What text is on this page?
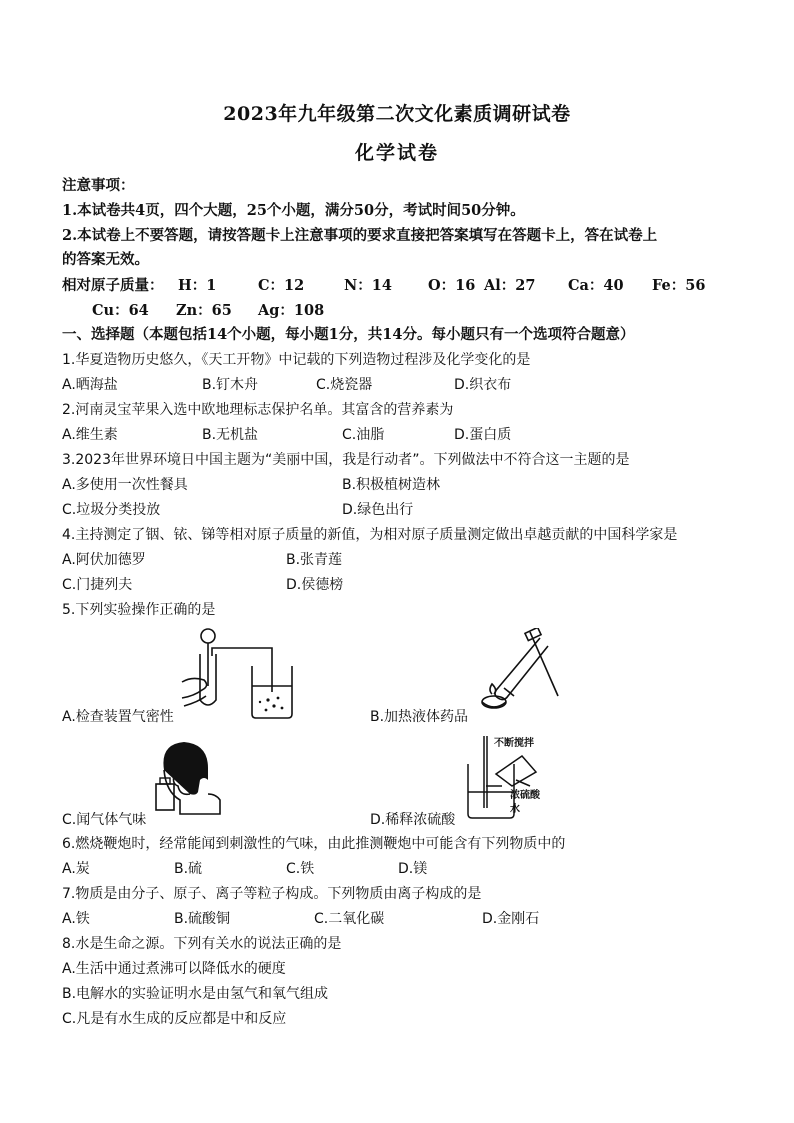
2023年九年级第二次文化素质调研试卷
化学试卷
注意事项：
1.本试卷共4页，四个大题，25个小题，满分50分，考试时间50分钟。
2.本试卷上不要答题，请按答题卡上注意事项的要求直接把答案填写在答题卡上，答在试卷上
的答案无效。
相对原子质量： H：1	C：12	N：14 O：16 Al：27 Ca：40 Fe：56
Cu：64 Zn：65 Ag：108
一、选择题（本题包括14个小题，每小题1分，共14分。每小题只有一个选项符合题意）
1.华夏造物历史悠久，《天工开物》中记载的下列造物过程涉及化学变化的是
A.晒海盐	B.钉木舟	C.烧瓷器	D.织衣布
2.河南灵宝苹果入选中欧地理标志保护名单。其富含的营养素为
A.维生素	B.无机盐	C.油脂	D.蛋白质
3.2023年世界环境日中国主题为“美丽中国，我是行动者”。下列做法中不符合这一主题的是
A.多使用一次性餐具	B.积极植树造林
C.垃圾分类投放	D.绿色出行
4.主持测定了铟、铱、锑等相对原子质量的新值，为相对原子质量测定做出卓越贡献的中国科学家是
A.阿伏加德罗	B.张青莲
C.门捷列夫	D.侯德榜
5.下列实验操作正确的是
A.检查装置气密性	B.加热液体药品
C.闻气体气味
不断搅拌
浓硫酸
水
D.稀释浓硫酸
6.燃烧鞭炮时，经常能闻到刺激性的气味，由此推测鞭炮中可能含有下列物质中的
A.炭	B.硫	C.铁	D.镁
7.物质是由分子、原子、离子等粒子构成。下列物质由离子构成的是
A.铁	B.硫酸铜	C.二氧化碳	D.金刚石
8.水是生命之源。下列有关水的说法正确的是
A.生活中通过煮沸可以降低水的硬度
B.电解水的实验证明水是由氢气和氧气组成
C.凡是有水生成的反应都是中和反应
